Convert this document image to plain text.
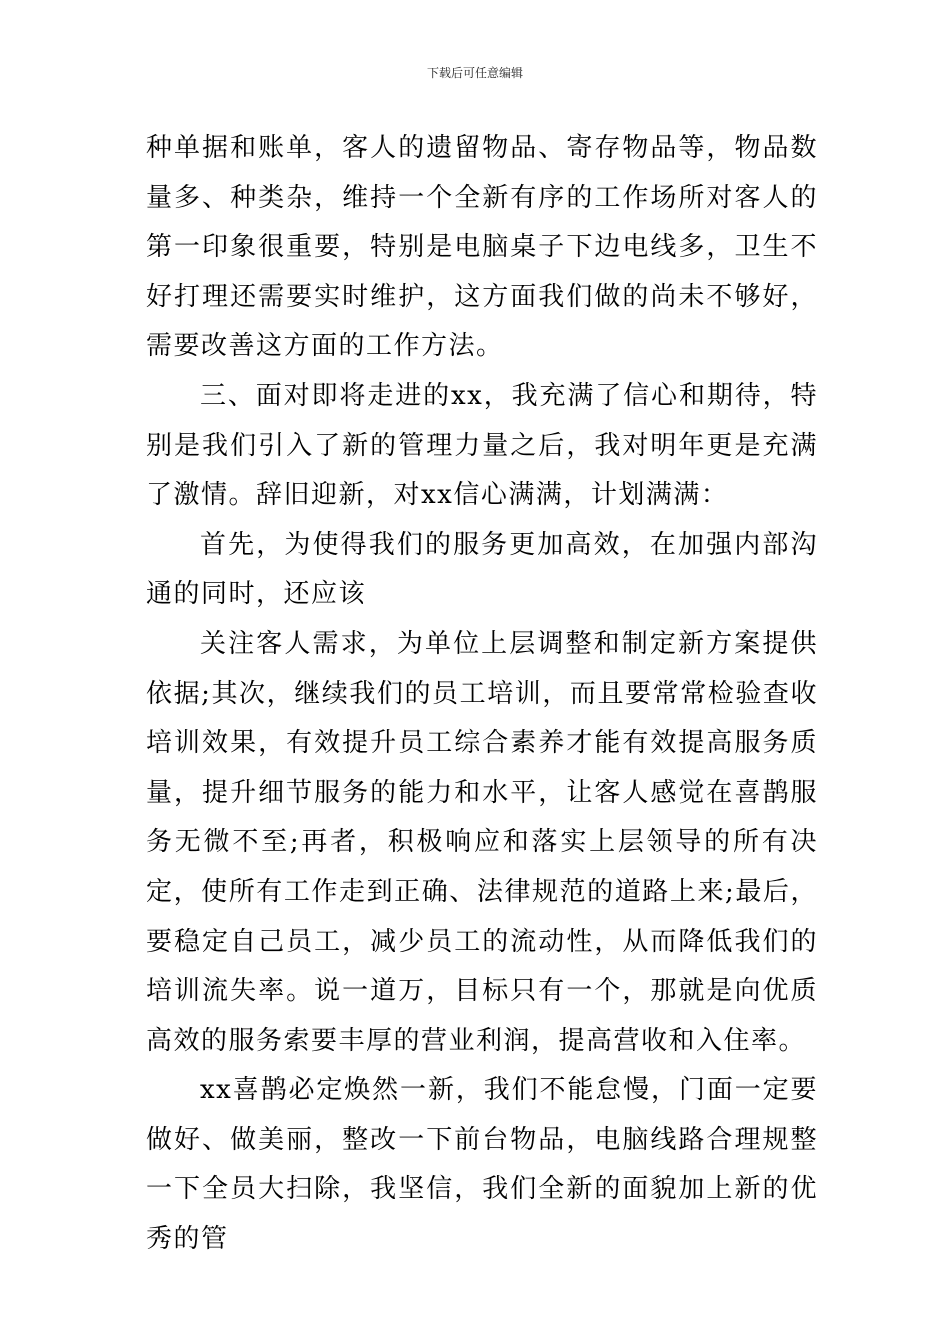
下载后可任意编辑

种单据和账单，客人的遗留物品、寄存物品等，物品数量多、种类杂，维持一个全新有序的工作场所对客人的第一印象很重要，特别是电脑桌子下边电线多，卫生不好打理还需要实时维护，这方面我们做的尚未不够好，需要改善这方面的工作方法。

三、面对即将走进的xx，我充满了信心和期待，特别是我们引入了新的管理力量之后，我对明年更是充满了激情。辞旧迎新，对xx信心满满，计划满满：

首先，为使得我们的服务更加高效，在加强内部沟通的同时，还应该

关注客人需求，为单位上层调整和制定新方案提供依据;其次，继续我们的员工培训，而且要常常检验查收培训效果，有效提升员工综合素养才能有效提高服务质量，提升细节服务的能力和水平，让客人感觉在喜鹊服务无微不至;再者，积极响应和落实上层领导的所有决定，使所有工作走到正确、法律规范的道路上来;最后，要稳定自己员工，减少员工的流动性，从而降低我们的培训流失率。说一道万，目标只有一个，那就是向优质高效的服务索要丰厚的营业利润，提高营收和入住率。

xx喜鹊必定焕然一新，我们不能怠慢，门面一定要做好、做美丽，整改一下前台物品，电脑线路合理规整一下全员大扫除，我坚信，我们全新的面貌加上新的优秀的管
